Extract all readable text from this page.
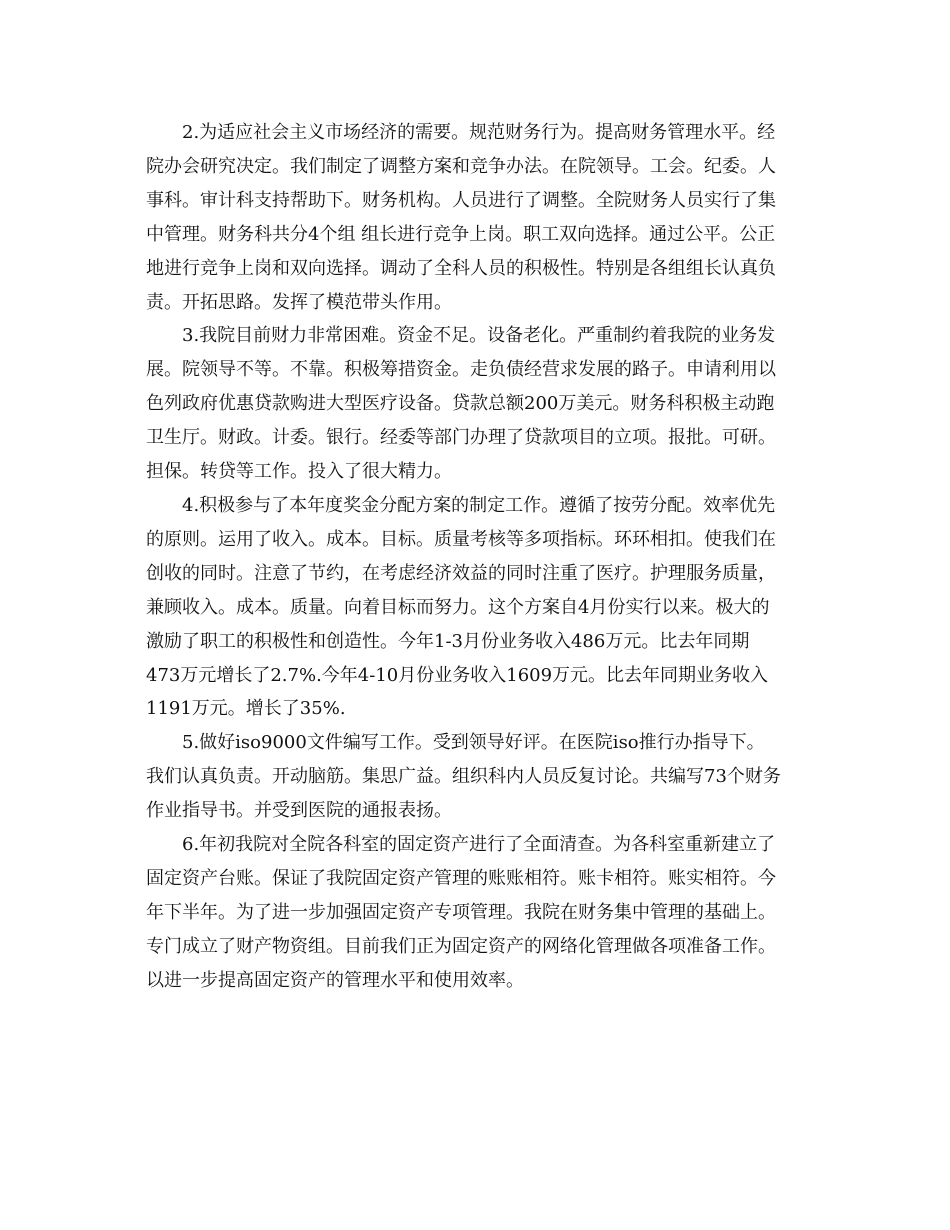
2.为适应社会主义市场经济的需要。规范财务行为。提高财务管理水平。经
院办会研究决定。我们制定了调整方案和竞争办法。在院领导。工会。纪委。人
事科。审计科支持帮助下。财务机构。人员进行了调整。全院财务人员实行了集
中管理。财务科共分4个组 组长进行竞争上岗。职工双向选择。通过公平。公正
地进行竞争上岗和双向选择。调动了全科人员的积极性。特别是各组组长认真负
责。开拓思路。发挥了模范带头作用。

3.我院目前财力非常困难。资金不足。设备老化。严重制约着我院的业务发
展。院领导不等。不靠。积极筹措资金。走负债经营求发展的路子。申请利用以
色列政府优惠贷款购进大型医疗设备。贷款总额200万美元。财务科积极主动跑
卫生厅。财政。计委。银行。经委等部门办理了贷款项目的立项。报批。可研。
担保。转贷等工作。投入了很大精力。

4.积极参与了本年度奖金分配方案的制定工作。遵循了按劳分配。效率优先
的原则。运用了收入。成本。目标。质量考核等多项指标。环环相扣。使我们在
创收的同时。注意了节约，在考虑经济效益的同时注重了医疗。护理服务质量，
兼顾收入。成本。质量。向着目标而努力。这个方案自4月份实行以来。极大的
激励了职工的积极性和创造性。今年1-3月份业务收入486万元。比去年同期
473万元增长了2.7%.今年4-10月份业务收入1609万元。比去年同期业务收入
1191万元。增长了35%.

5.做好iso9000文件编写工作。受到领导好评。在医院iso推行办指导下。
我们认真负责。开动脑筋。集思广益。组织科内人员反复讨论。共编写73个财务
作业指导书。并受到医院的通报表扬。

6.年初我院对全院各科室的固定资产进行了全面清查。为各科室重新建立了
固定资产台账。保证了我院固定资产管理的账账相符。账卡相符。账实相符。今
年下半年。为了进一步加强固定资产专项管理。我院在财务集中管理的基础上。
专门成立了财产物资组。目前我们正为固定资产的网络化管理做各项准备工作。
以进一步提高固定资产的管理水平和使用效率。
